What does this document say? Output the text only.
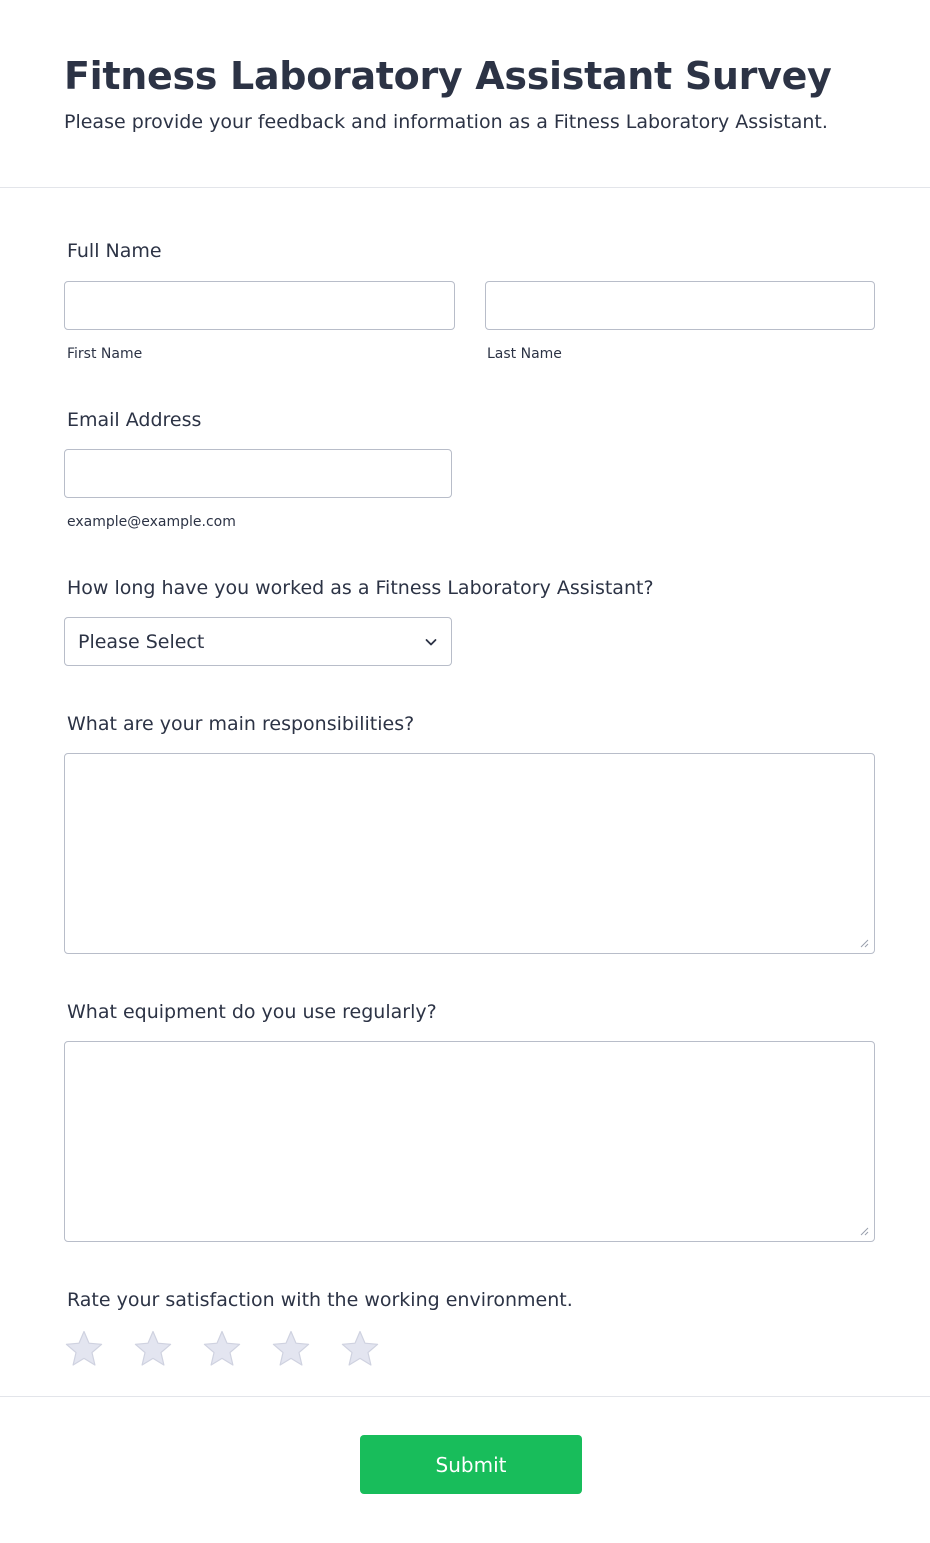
Fitness Laboratory Assistant Survey

Please provide your feedback and information as a Fitness Laboratory Assistant.

Full Name
First Name	Last Name
Email Address
example@example.com
How long have you worked as a Fitness Laboratory Assistant?
Please Select
What are your main responsibilities?
What equipment do you use regularly?
Rate your satisfaction with the working environment.
Submit
